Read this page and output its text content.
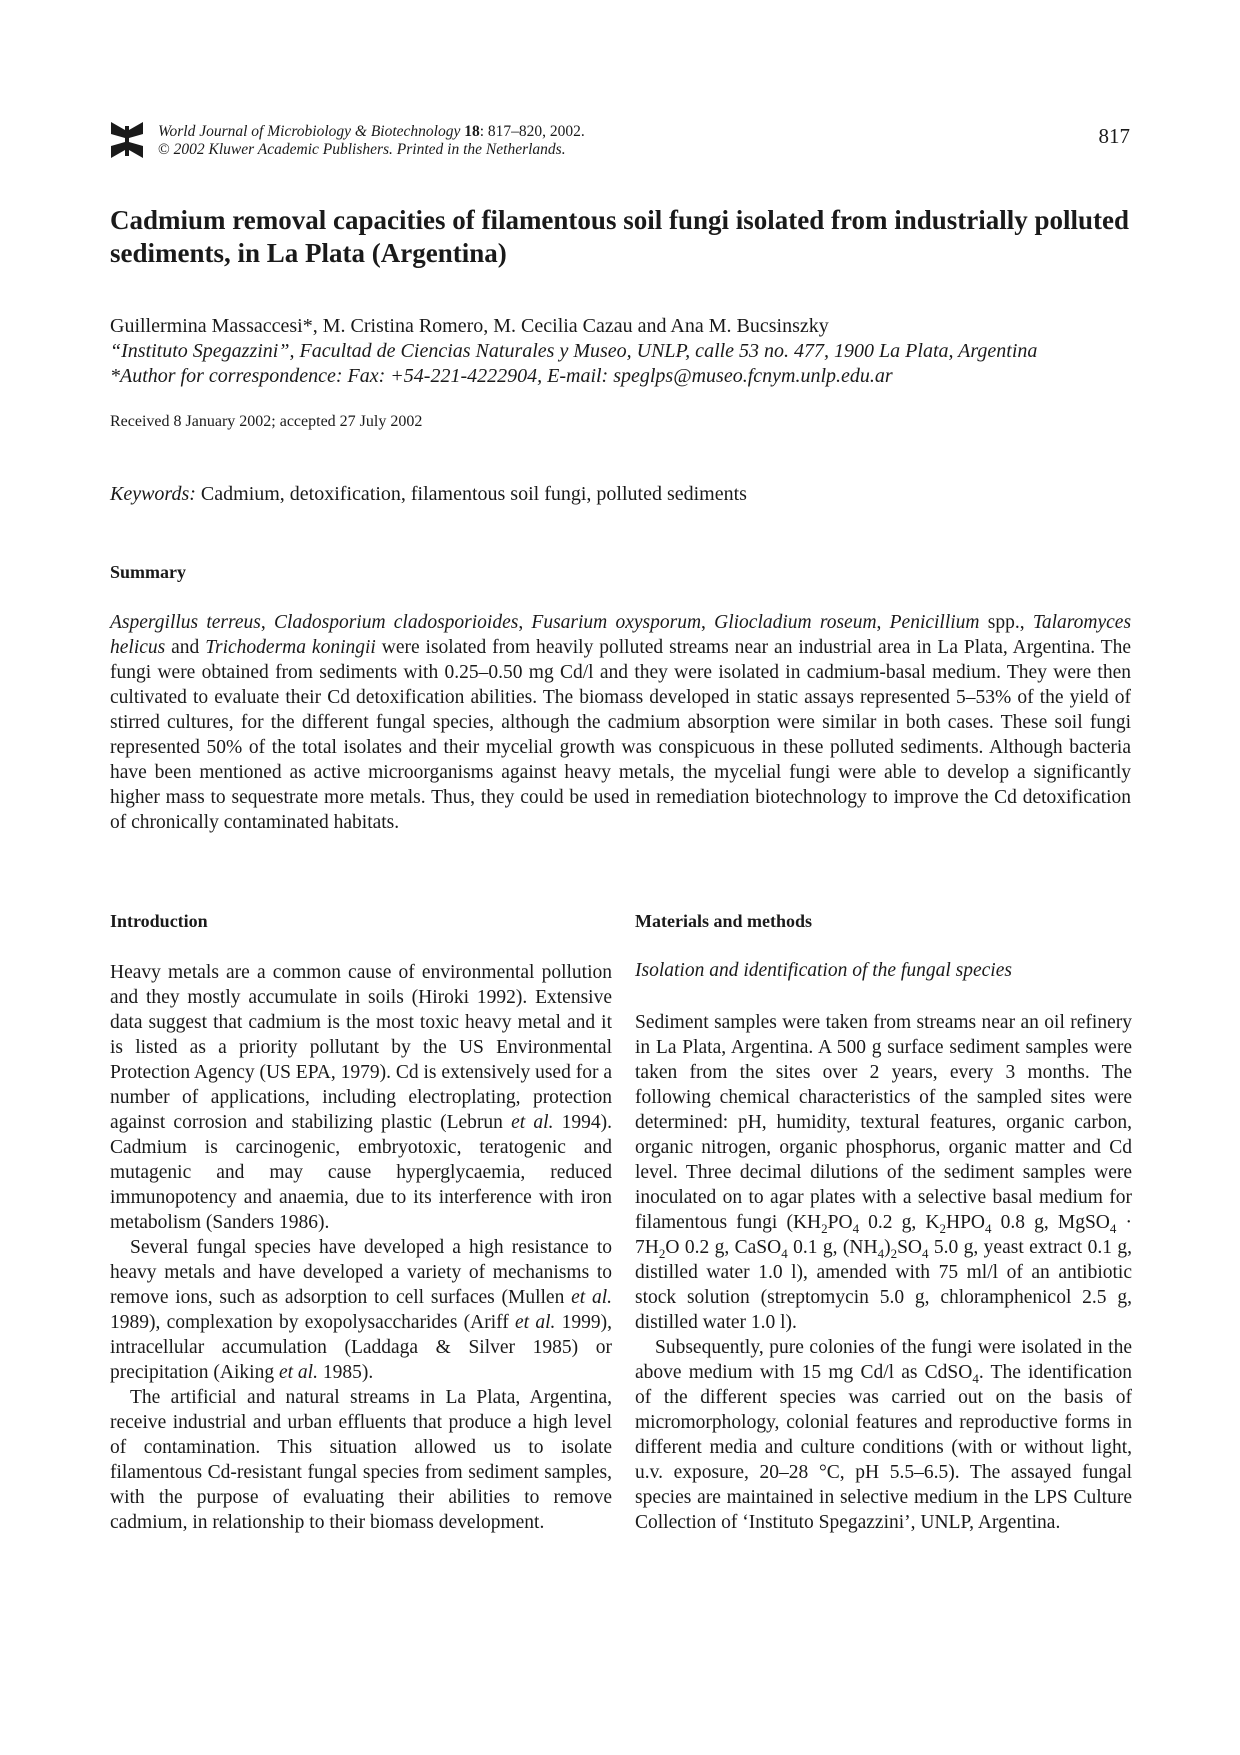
World Journal of Microbiology & Biotechnology 18: 817–820, 2002.
© 2002 Kluwer Academic Publishers. Printed in the Netherlands.
817
Cadmium removal capacities of filamentous soil fungi isolated from industrially polluted sediments, in La Plata (Argentina)
Guillermina Massaccesi*, M. Cristina Romero, M. Cecilia Cazau and Ana M. Bucsinszky
“Instituto Spegazzini”, Facultad de Ciencias Naturales y Museo, UNLP, calle 53 no. 477, 1900 La Plata, Argentina
*Author for correspondence: Fax: +54-221-4222904, E-mail: speglps@museo.fcnym.unlp.edu.ar
Received 8 January 2002; accepted 27 July 2002
Keywords: Cadmium, detoxification, filamentous soil fungi, polluted sediments
Summary
Aspergillus terreus, Cladosporium cladosporioides, Fusarium oxysporum, Gliocladium roseum, Penicillium spp., Talaromyces helicus and Trichoderma koningii were isolated from heavily polluted streams near an industrial area in La Plata, Argentina. The fungi were obtained from sediments with 0.25–0.50 mg Cd/l and they were isolated in cadmium-basal medium. They were then cultivated to evaluate their Cd detoxification abilities. The biomass developed in static assays represented 5–53% of the yield of stirred cultures, for the different fungal species, although the cadmium absorption were similar in both cases. These soil fungi represented 50% of the total isolates and their mycelial growth was conspicuous in these polluted sediments. Although bacteria have been mentioned as active microorganisms against heavy metals, the mycelial fungi were able to develop a significantly higher mass to sequestrate more metals. Thus, they could be used in remediation biotechnology to improve the Cd detoxification of chronically contaminated habitats.
Introduction

Heavy metals are a common cause of environmental pollution and they mostly accumulate in soils (Hiroki 1992). Extensive data suggest that cadmium is the most toxic heavy metal and it is listed as a priority pollutant by the US Environmental Protection Agency (US EPA, 1979). Cd is extensively used for a number of applications, including electroplating, protection against corrosion and stabilizing plastic (Lebrun et al. 1994). Cadmium is carcinogenic, embryotoxic, teratogenic and mutagenic and may cause hyperglycaemia, reduced immunopotency and anaemia, due to its interference with iron metabolism (Sanders 1986).

Several fungal species have developed a high resistance to heavy metals and have developed a variety of mechanisms to remove ions, such as adsorption to cell surfaces (Mullen et al. 1989), complexation by exopolysaccharides (Ariff et al. 1999), intracellular accumulation (Laddaga & Silver 1985) or precipitation (Aiking et al. 1985).

The artificial and natural streams in La Plata, Argentina, receive industrial and urban effluents that produce a high level of contamination. This situation allowed us to isolate filamentous Cd-resistant fungal species from sediment samples, with the purpose of evaluating their abilities to remove cadmium, in relationship to their biomass development.

Materials and methods
Isolation and identification of the fungal species

Sediment samples were taken from streams near an oil refinery in La Plata, Argentina. A 500 g surface sediment samples were taken from the sites over 2 years, every 3 months. The following chemical characteristics of the sampled sites were determined: pH, humidity, textural features, organic carbon, organic nitrogen, organic phosphorus, organic matter and Cd level. Three decimal dilutions of the sediment samples were inoculated on to agar plates with a selective basal medium for filamentous fungi ($KH_2PO_4$ 0.2 g, $K_2HPO_4$ 0.8 g, MgSO$_4$ · $7H_2O$ 0.2 g, CaSO$_4$ 0.1 g, $(NH_4)_2SO_4$ 5.0 g, yeast extract 0.1 g, distilled water 1.0 l), amended with 75 ml/l of an antibiotic stock solution (streptomycin 5.0 g, chloramphenicol 2.5 g, distilled water 1.0 l).

Subsequently, pure colonies of the fungi were isolated in the above medium with 15 mg Cd/l as CdSO$_4$. The identification of the different species was carried out on the basis of micromorphology, colonial features and reproductive forms in different media and culture conditions (with or without light, u.v. exposure, 20–28 °C, pH 5.5–6.5). The assayed fungal species are maintained in selective medium in the LPS Culture Collection of ‘Instituto Spegazzini’, UNLP, Argentina.
